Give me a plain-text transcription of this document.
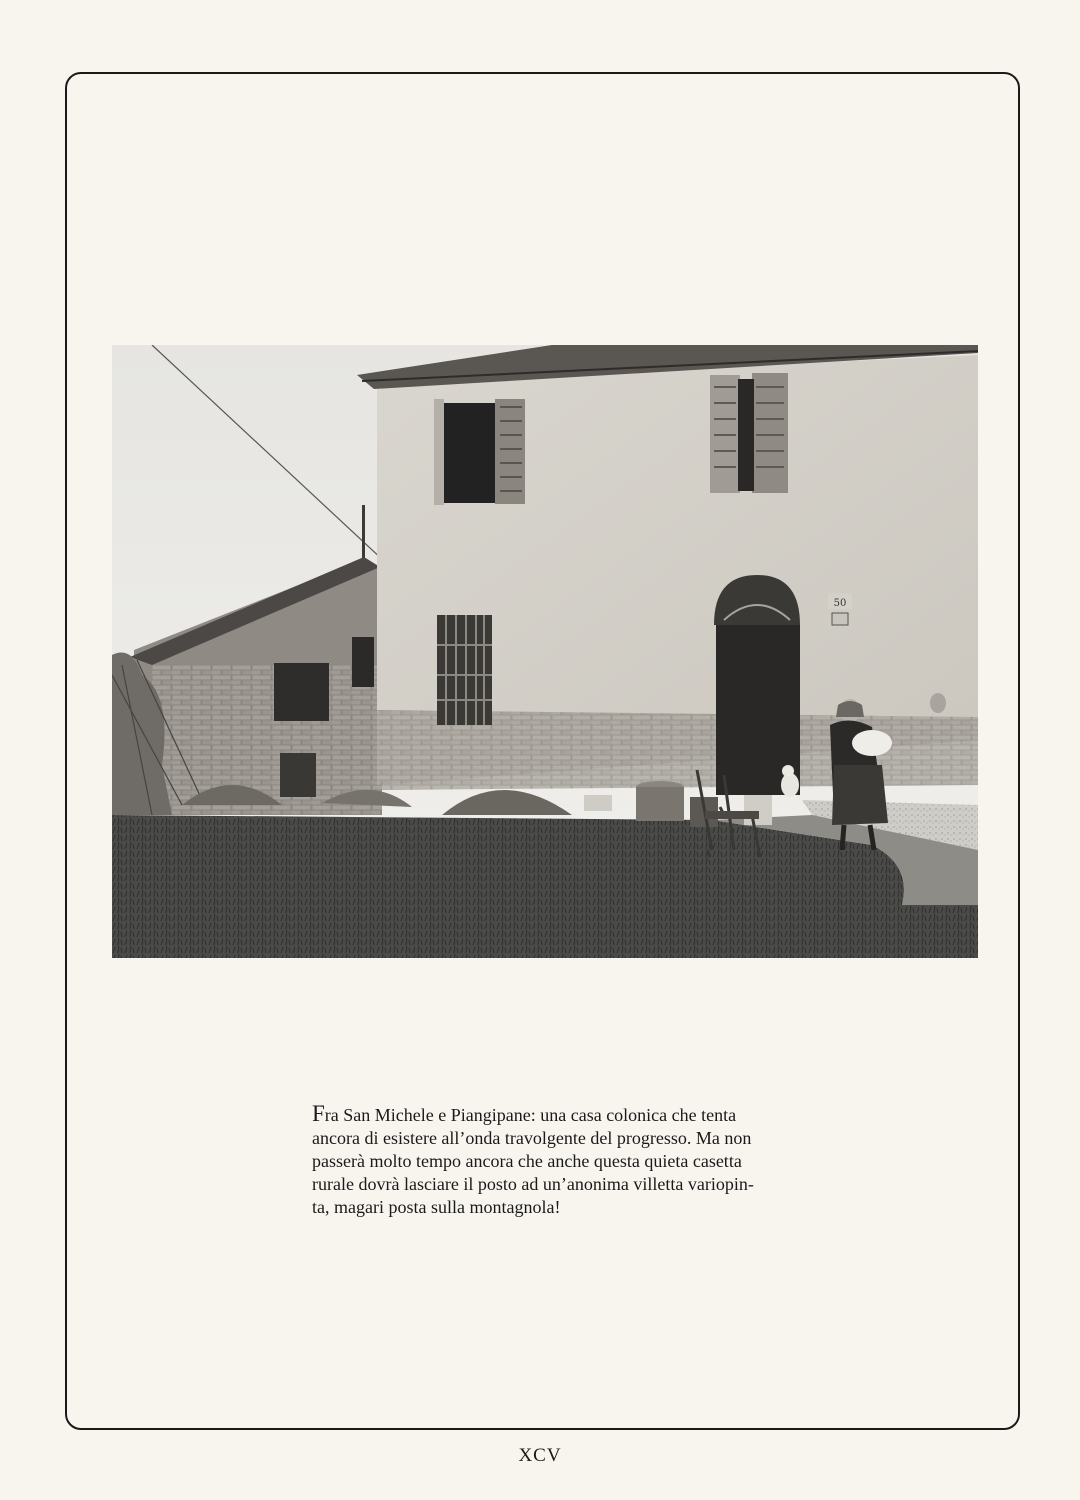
50

Fra San Michele e Piangipane: una casa colonica che tenta
ancora di esistere all’onda travolgente del progresso. Ma non
passerà molto tempo ancora che anche questa quieta casetta
rurale dovrà lasciare il posto ad un’anonima villetta variopin-
ta, magari posta sulla montagnola!

XCV
